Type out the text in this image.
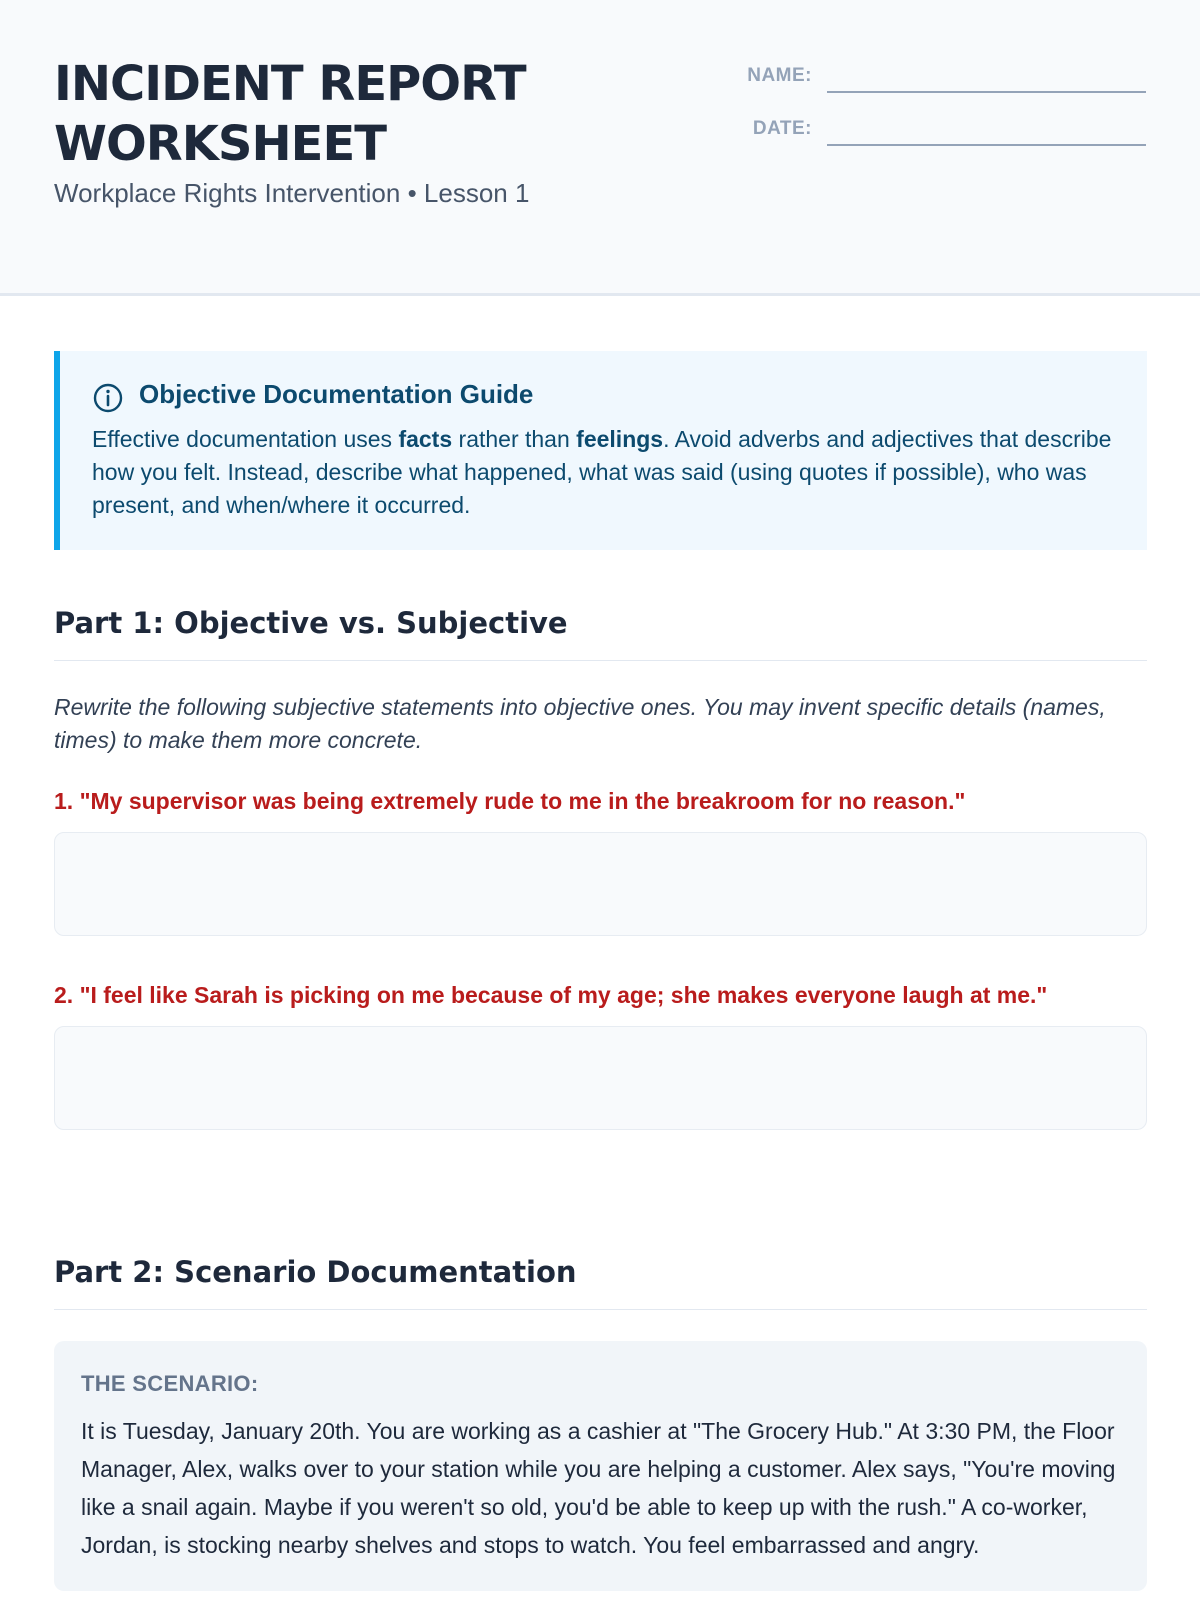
INCIDENT REPORT WORKSHEET
Workplace Rights Intervention • Lesson 1
NAME:
DATE:
Objective Documentation Guide
Effective documentation uses facts rather than feelings. Avoid adverbs and adjectives that describe how you felt. Instead, describe what happened, what was said (using quotes if possible), who was present, and when/where it occurred.
Part 1: Objective vs. Subjective
Rewrite the following subjective statements into objective ones. You may invent specific details (names, times) to make them more concrete.
1. "My supervisor was being extremely rude to me in the breakroom for no reason."
2. "I feel like Sarah is picking on me because of my age; she makes everyone laugh at me."
Part 2: Scenario Documentation
THE SCENARIO:
It is Tuesday, January 20th. You are working as a cashier at "The Grocery Hub." At 3:30 PM, the Floor Manager, Alex, walks over to your station while you are helping a customer. Alex says, "You're moving like a snail again. Maybe if you weren't so old, you'd be able to keep up with the rush." A co-worker, Jordan, is stocking nearby shelves and stops to watch. You feel embarrassed and angry.
